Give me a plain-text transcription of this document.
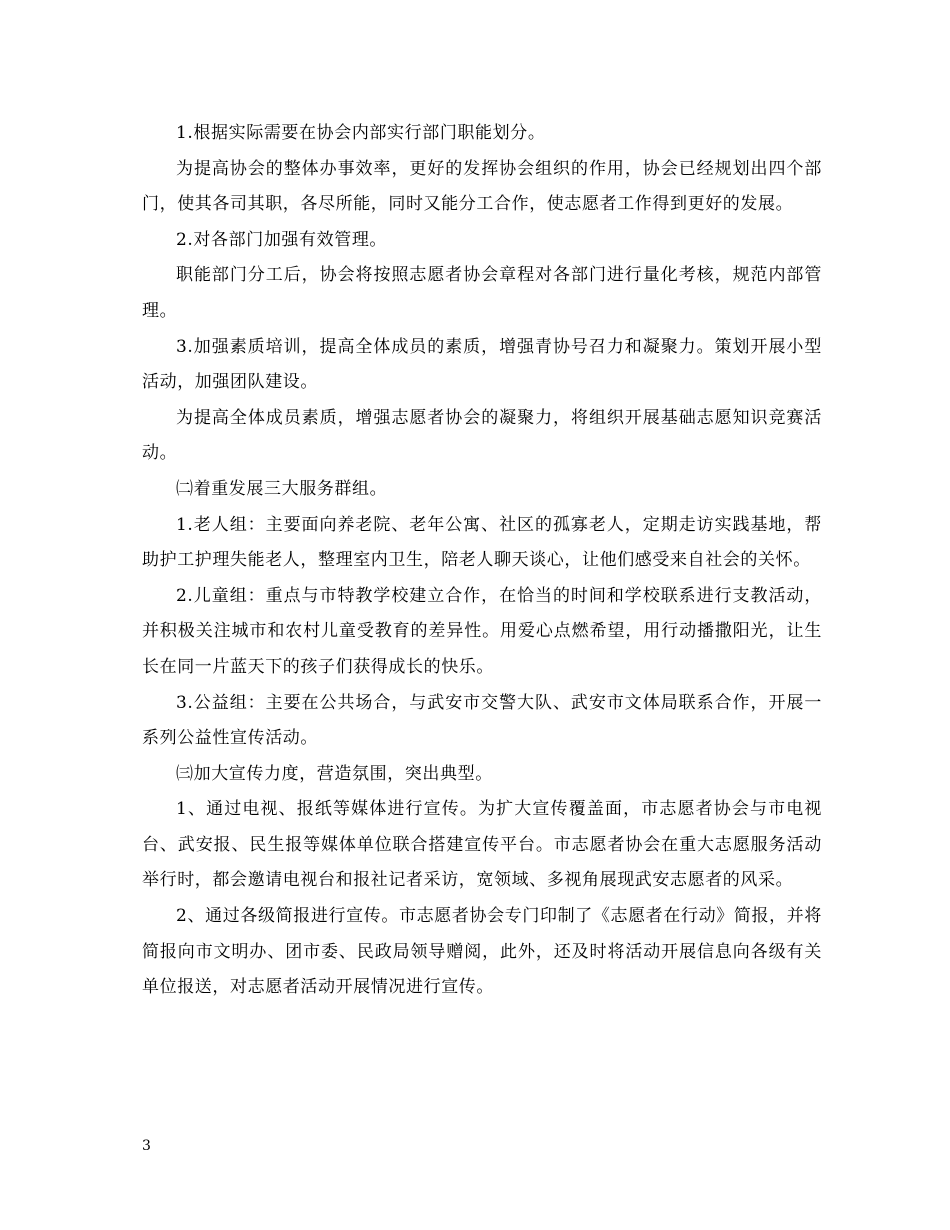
1.根据实际需要在协会内部实行部门职能划分。

为提高协会的整体办事效率，更好的发挥协会组织的作用，协会已经规划出四个部门，使其各司其职，各尽所能，同时又能分工合作，使志愿者工作得到更好的发展。

2.对各部门加强有效管理。

职能部门分工后，协会将按照志愿者协会章程对各部门进行量化考核，规范内部管理。

3.加强素质培训，提高全体成员的素质，增强青协号召力和凝聚力。策划开展小型活动，加强团队建设。

为提高全体成员素质，增强志愿者协会的凝聚力，将组织开展基础志愿知识竞赛活动。

㈡着重发展三大服务群组。

1.老人组：主要面向养老院、老年公寓、社区的孤寡老人，定期走访实践基地，帮助护工护理失能老人，整理室内卫生，陪老人聊天谈心，让他们感受来自社会的关怀。

2.儿童组：重点与市特教学校建立合作，在恰当的时间和学校联系进行支教活动，并积极关注城市和农村儿童受教育的差异性。用爱心点燃希望，用行动播撒阳光，让生长在同一片蓝天下的孩子们获得成长的快乐。

3.公益组：主要在公共场合，与武安市交警大队、武安市文体局联系合作，开展一系列公益性宣传活动。

㈢加大宣传力度，营造氛围，突出典型。

1、通过电视、报纸等媒体进行宣传。为扩大宣传覆盖面，市志愿者协会与市电视台、武安报、民生报等媒体单位联合搭建宣传平台。市志愿者协会在重大志愿服务活动举行时，都会邀请电视台和报社记者采访，宽领域、多视角展现武安志愿者的风采。

2、通过各级简报进行宣传。市志愿者协会专门印制了《志愿者在行动》简报，并将简报向市文明办、团市委、民政局领导赠阅，此外，还及时将活动开展信息向各级有关单位报送，对志愿者活动开展情况进行宣传。

3
